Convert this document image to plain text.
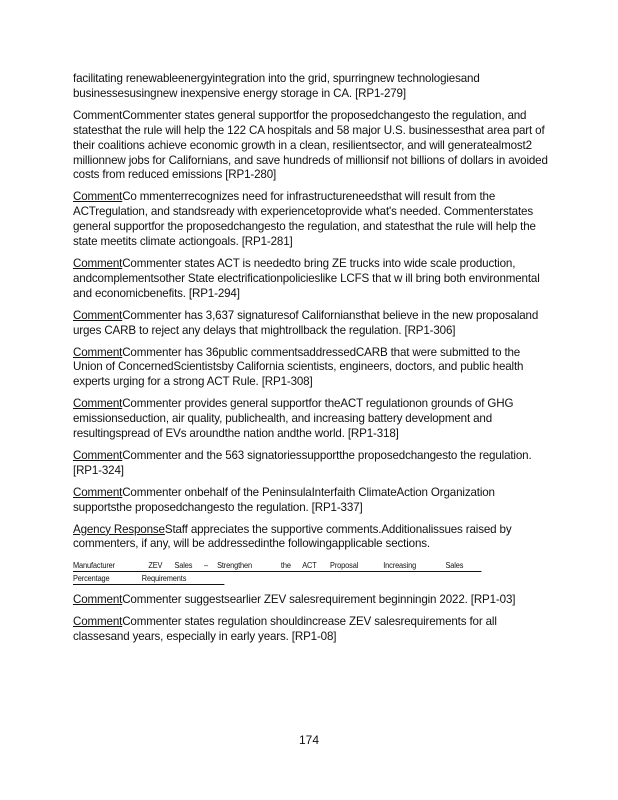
facilitating renewableenergyintegration into the grid, spurringnew technologiesand businessesusingnew inexpensive energy storage in CA. [RP1-279]

CommentCommenter states general supportfor the proposedchangesto the regulation, and statesthat the rule will help the 122 CA hospitals and 58 major U.S. businessesthat area part of their coalitions achieve economic growth in a clean, resilientsector, and will generatealmost2 millionnew jobs for Californians, and save hundreds of millionsif not billions of dollars in avoided costs from reduced emissions [RP1-280]

CommentCo mmenterrecognizes need for infrastructureneedsthat will result from the ACTregulation, and standsready with experiencetoprovide what's needed. Commenterstates general supportfor the proposedchangesto the regulation, and statesthat the rule will help the state meetits climate actiongoals. [RP1-281]

CommentCommenter states ACT is neededto bring ZE trucks into wide scale production, andcomplementsother State electrificationpolicieslike LCFS that w ill bring both environmental and economicbenefits. [RP1-294]

CommentCommenter has 3,637 signaturesof Californiansthat believe in the new proposaland urges CARB to reject any delays that mightrollback the regulation. [RP1-306]

CommentCommenter has 36public commentsaddressedCARB that were submitted to the Union of ConcernedScientistsby California scientists, engineers, doctors, and public health experts urging for a strong ACT Rule. [RP1-308]

CommentCommenter provides general supportfor theACT regulationon grounds of GHG emissionseduction, air quality, publichealth, and increasing battery development and resultingspread of EVs aroundthe nation andthe world. [RP1-318]

CommentCommenter and the 563 signatoriessupportthe proposedchangesto the regulation. [RP1-324]

CommentCommenter onbehalf of the PeninsulaInterfaith ClimateAction Organization supportsthe proposedchangesto the regulation. [RP1-337]

Agency ResponseStaff appreciates the supportive comments.Additionalissues raised by commenters, if any, will be addressedinthe followingapplicable sections.

Manufacturer	ZEV	Sales	–	Strengthen	the	ACT	Proposal	Increasing	Sales
Percentage	Requirements

CommentCommenter suggestsearlier ZEV salesrequirement beginningin 2022. [RP1-03]

CommentCommenter states regulation shouldincrease ZEV salesrequirements for all classesand years, especially in early years. [RP1-08]

174
